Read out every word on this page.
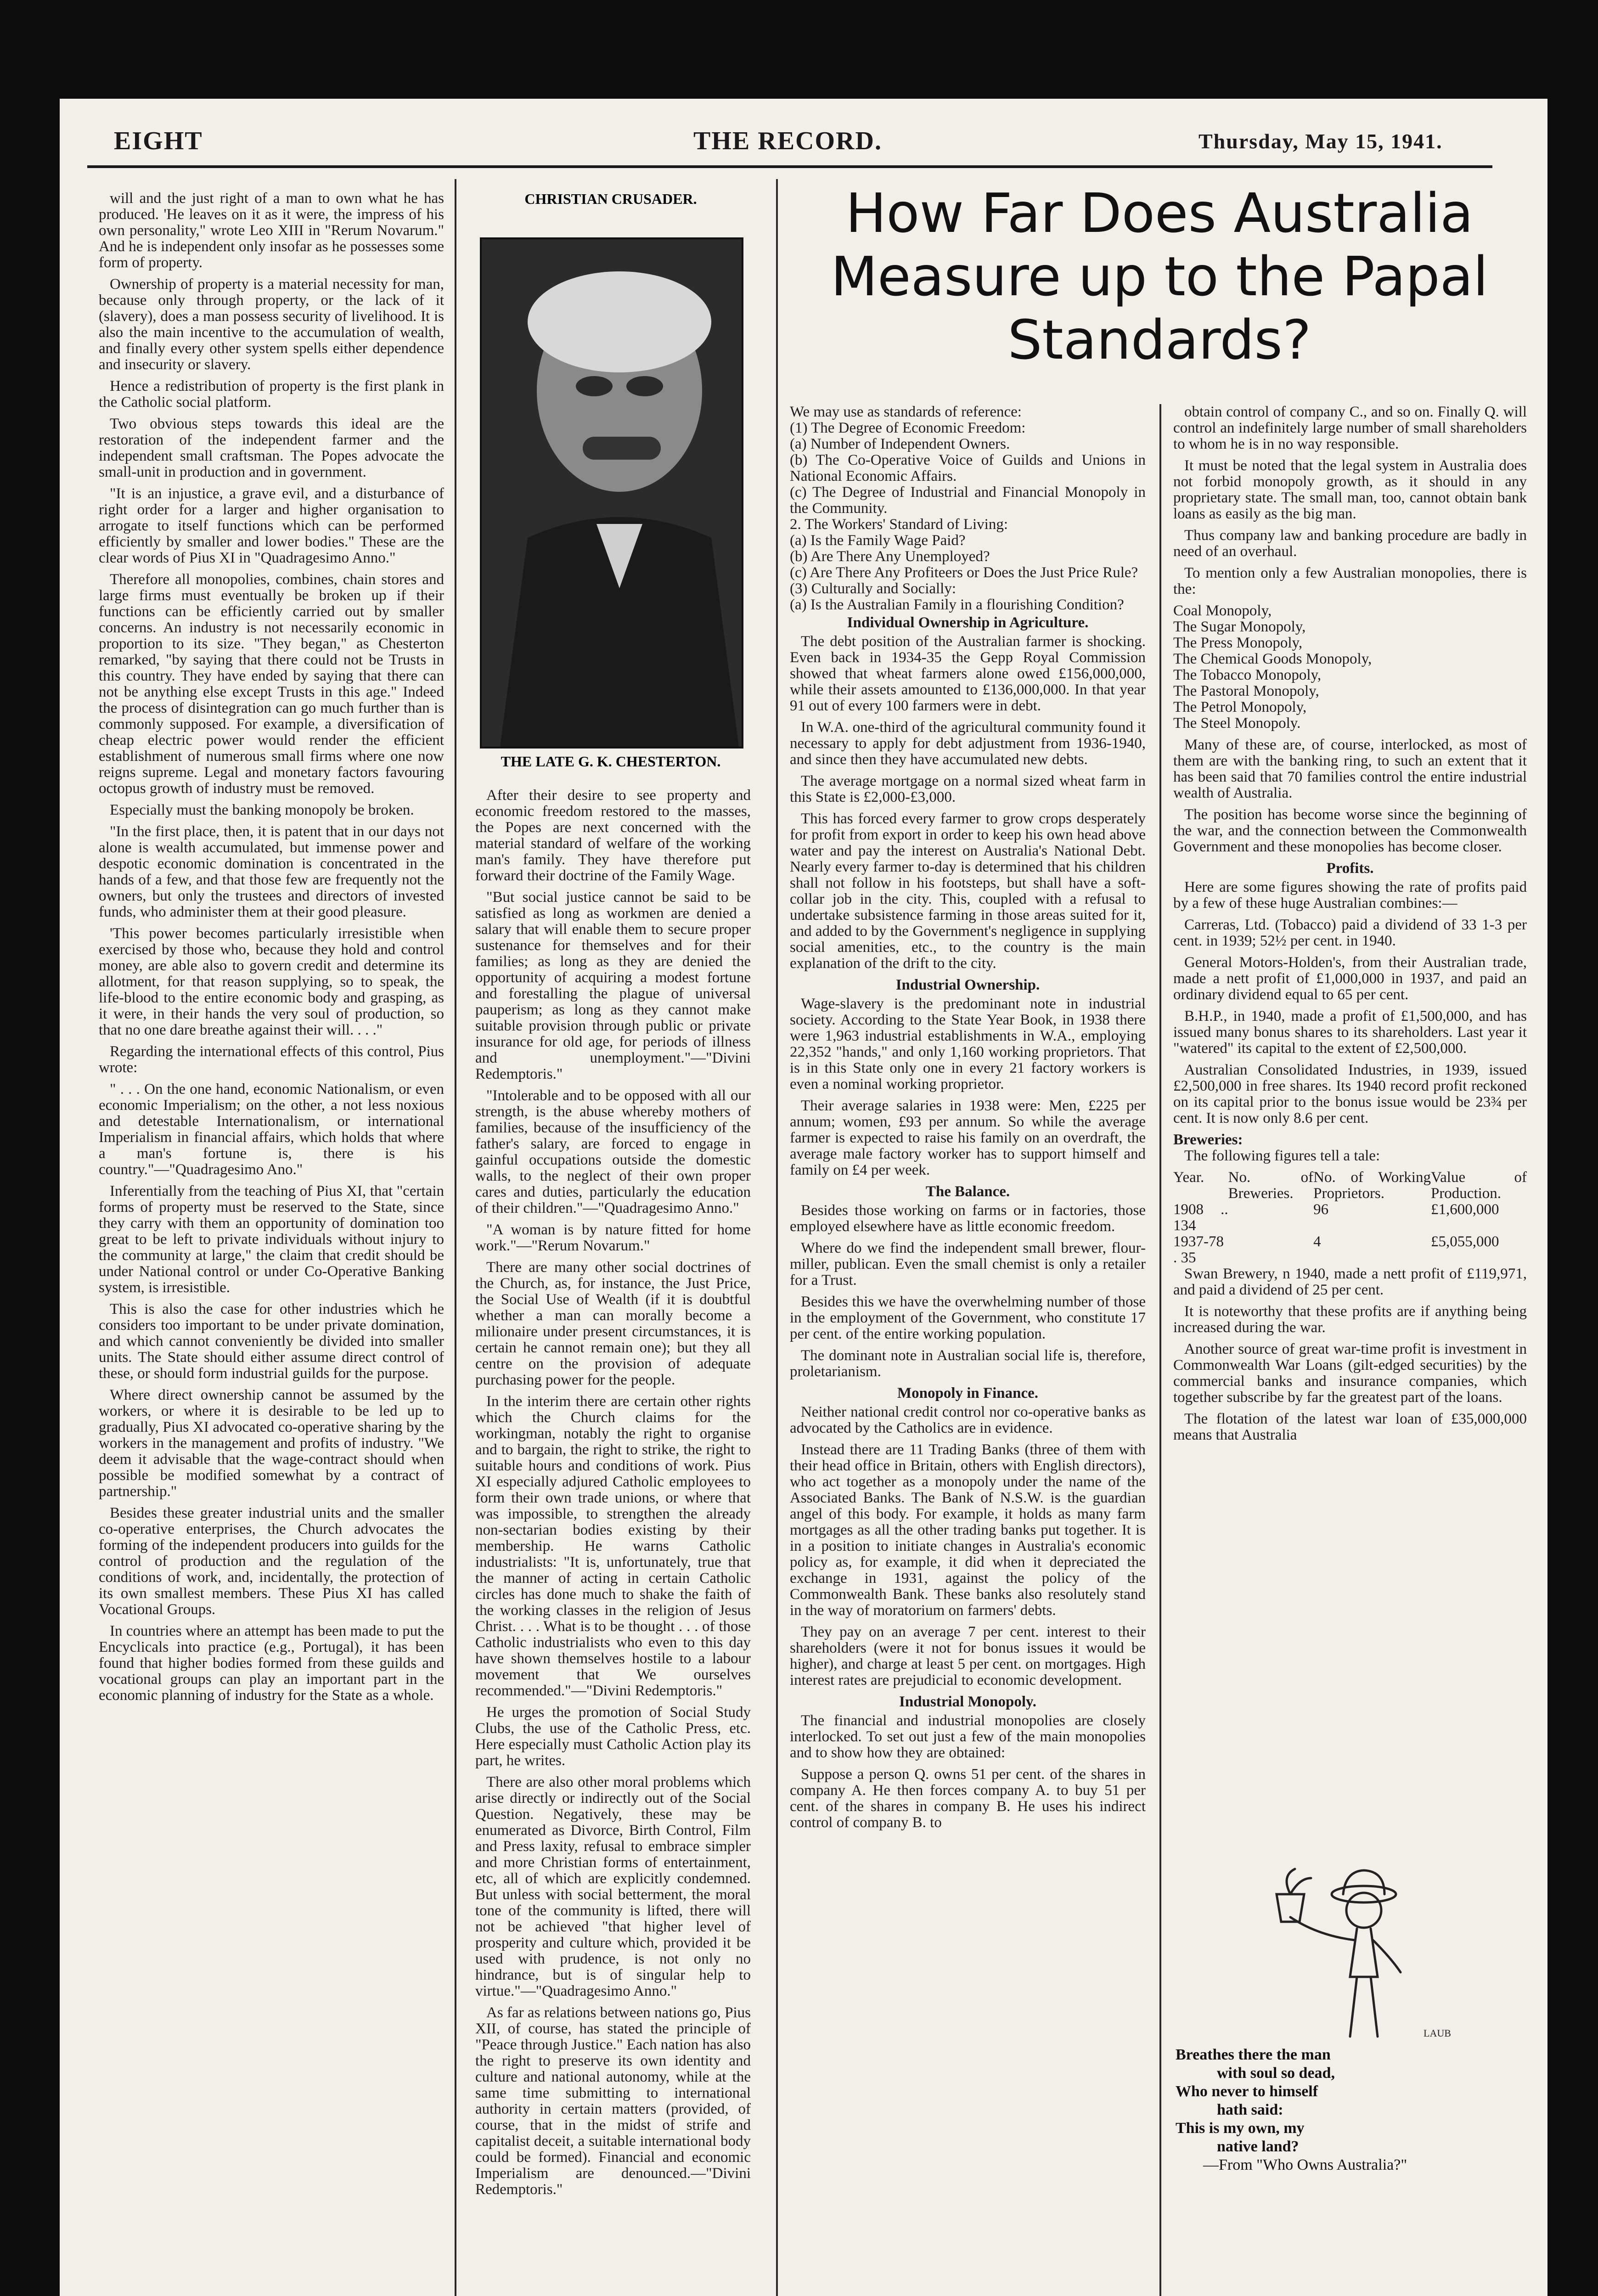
EIGHT	THE RECORD.	Thursday, May 15, 1941.

will and the just right of a man to own what he has produced. 'He leaves on it as it were, the impress of his own personality," wrote Leo XIII in "Rerum Novarum." And he is independent only insofar as he possesses some form of property.

Ownership of property is a material necessity for man, because only through property, or the lack of it (slavery), does a man possess security of livelihood. It is also the main incentive to the accumulation of wealth, and finally every other system spells either dependence and insecurity or slavery.

Hence a redistribution of property is the first plank in the Catholic social platform.

Two obvious steps towards this ideal are the restoration of the independent farmer and the independent small craftsman. The Popes advocate the small-unit in production and in government.

"It is an injustice, a grave evil, and a disturbance of right order for a larger and higher organisation to arrogate to itself functions which can be performed efficiently by smaller and lower bodies." These are the clear words of Pius XI in "Quadragesimo Anno."

Therefore all monopolies, combines, chain stores and large firms must eventually be broken up if their functions can be efficiently carried out by smaller concerns. An industry is not necessarily economic in proportion to its size. "They began," as Chesterton remarked, "by saying that there could not be Trusts in this country. They have ended by saying that there can not be anything else except Trusts in this age." Indeed the process of disintegration can go much further than is commonly supposed. For example, a diversification of cheap electric power would render the efficient establishment of numerous small firms where one now reigns supreme. Legal and monetary factors favouring octopus growth of industry must be removed.

Especially must the banking monopoly be broken.

"In the first place, then, it is patent that in our days not alone is wealth accumulated, but immense power and despotic economic domination is concentrated in the hands of a few, and that those few are frequently not the owners, but only the trustees and directors of invested funds, who administer them at their good pleasure.

'This power becomes particularly irresistible when exercised by those who, because they hold and control money, are able also to govern credit and determine its allotment, for that reason supplying, so to speak, the life-blood to the entire economic body and grasping, as it were, in their hands the very soul of production, so that no one dare breathe against their will. . . ."

Regarding the international effects of this control, Pius wrote:

" . . . On the one hand, economic Nationalism, or even economic Imperialism; on the other, a not less noxious and detestable Internationalism, or international Imperialism in financial affairs, which holds that where a man's fortune is, there is his country."—"Quadragesimo Ano."

Inferentially from the teaching of Pius XI, that "certain forms of property must be reserved to the State, since they carry with them an opportunity of domination too great to be left to private individuals without injury to the community at large," the claim that credit should be under National control or under Co-Operative Banking system, is irresistible.

This is also the case for other industries which he considers too important to be under private domination, and which cannot conveniently be divided into smaller units. The State should either assume direct control of these, or should form industrial guilds for the purpose.

Where direct ownership cannot be assumed by the workers, or where it is desirable to be led up to gradually, Pius XI advocated co-operative sharing by the workers in the management and profits of industry. "We deem it advisable that the wage-contract should when possible be modified somewhat by a contract of partnership."

Besides these greater industrial units and the smaller co-operative enterprises, the Church advocates the forming of the independent producers into guilds for the control of production and the regulation of the conditions of work, and, incidentally, the protection of its own smallest members. These Pius XI has called Vocational Groups.

In countries where an attempt has been made to put the Encyclicals into practice (e.g., Portugal), it has been found that higher bodies formed from these guilds and vocational groups can play an important part in the economic planning of industry for the State as a whole.

CHRISTIAN CRUSADER.
THE LATE G. K. CHESTERTON.

After their desire to see property and economic freedom restored to the masses, the Popes are next concerned with the material standard of welfare of the working man's family. They have therefore put forward their doctrine of the Family Wage.

"But social justice cannot be said to be satisfied as long as workmen are denied a salary that will enable them to secure proper sustenance for themselves and for their families; as long as they are denied the opportunity of acquiring a modest fortune and forestalling the plague of universal pauperism; as long as they cannot make suitable provision through public or private insurance for old age, for periods of illness and unemployment."—"Divini Redemptoris."

"Intolerable and to be opposed with all our strength, is the abuse whereby mothers of families, because of the insufficiency of the father's salary, are forced to engage in gainful occupations outside the domestic walls, to the neglect of their own proper cares and duties, particularly the education of their children."—"Quadragesimo Anno."

"A woman is by nature fitted for home work."—"Rerum Novarum."

There are many other social doctrines of the Church, as, for instance, the Just Price, the Social Use of Wealth (if it is doubtful whether a man can morally become a milionaire under present circumstances, it is certain he cannot remain one); but they all centre on the provision of adequate purchasing power for the people.

In the interim there are certain other rights which the Church claims for the workingman, notably the right to organise and to bargain, the right to strike, the right to suitable hours and conditions of work. Pius XI especially adjured Catholic employees to form their own trade unions, or where that was impossible, to strengthen the already non-sectarian bodies existing by their membership. He warns Catholic industrialists: "It is, unfortunately, true that the manner of acting in certain Catholic circles has done much to shake the faith of the working classes in the religion of Jesus Christ. . . . What is to be thought . . . of those Catholic industrialists who even to this day have shown themselves hostile to a labour movement that We ourselves recommended."—"Divini Redemptoris."

He urges the promotion of Social Study Clubs, the use of the Catholic Press, etc. Here especially must Catholic Action play its part, he writes.

There are also other moral problems which arise directly or indirectly out of the Social Question. Negatively, these may be enumerated as Divorce, Birth Control, Film and Press laxity, refusal to embrace simpler and more Christian forms of entertainment, etc, all of which are explicitly condemned. But unless with social betterment, the moral tone of the community is lifted, there will not be achieved "that higher level of prosperity and culture which, provided it be used with prudence, is not only no hindrance, but is of singular help to virtue."—"Quadragesimo Anno."

As far as relations between nations go, Pius XII, of course, has stated the principle of "Peace through Justice." Each nation has also the right to preserve its own identity and culture and national autonomy, while at the same time submitting to international authority in certain matters (provided, of course, that in the midst of strife and capitalist deceit, a suitable international body could be formed). Financial and economic Imperialism are denounced.—"Divini Redemptoris."

How Far Does Australia Measure up to the Papal Standards?

We may use as standards of reference:

(1) The Degree of Economic Freedom:

(a) Number of Independent Owners.

(b) The Co-Operative Voice of Guilds and Unions in National Economic Affairs.

(c) The Degree of Industrial and Financial Monopoly in the Community.

2. The Workers' Standard of Living:

(a) Is the Family Wage Paid?

(b) Are There Any Unemployed?

(c) Are There Any Profiteers or Does the Just Price Rule?

(3) Culturally and Socially:

(a) Is the Australian Family in a flourishing Condition?

Individual Ownership in Agriculture.

The debt position of the Australian farmer is shocking. Even back in 1934-35 the Gepp Royal Commission showed that wheat farmers alone owed £156,000,000, while their assets amounted to £136,000,000. In that year 91 out of every 100 farmers were in debt.

In W.A. one-third of the agricultural community found it necessary to apply for debt adjustment from 1936-1940, and since then they have accumulated new debts.

The average mortgage on a normal sized wheat farm in this State is £2,000-£3,000.

This has forced every farmer to grow crops desperately for profit from export in order to keep his own head above water and pay the interest on Australia's National Debt. Nearly every farmer to-day is determined that his children shall not follow in his footsteps, but shall have a soft-collar job in the city. This, coupled with a refusal to undertake subsistence farming in those areas suited for it, and added to by the Government's negligence in supplying social amenities, etc., to the country is the main explanation of the drift to the city.

Industrial Ownership.

Wage-slavery is the predominant note in industrial society. According to the State Year Book, in 1938 there were 1,963 industrial establishments in W.A., employing 22,352 "hands," and only 1,160 working proprietors. That is in this State only one in every 21 factory workers is even a nominal working proprietor.

Their average salaries in 1938 were: Men, £225 per annum; women, £93 per annum. So while the average farmer is expected to raise his family on an overdraft, the average male factory worker has to support himself and family on £4 per week.

The Balance.

Besides those working on farms or in factories, those employed elsewhere have as little economic freedom.

Where do we find the independent small brewer, flour-miller, publican. Even the small chemist is only a retailer for a Trust.

Besides this we have the overwhelming number of those in the employment of the Government, who constitute 17 per cent. of the entire working population.

The dominant note in Australian social life is, therefore, proletarianism.

Monopoly in Finance.

Neither national credit control nor co-operative banks as advocated by the Catholics are in evidence.

Instead there are 11 Trading Banks (three of them with their head office in Britain, others with English directors), who act together as a monopoly under the name of the Associated Banks. The Bank of N.S.W. is the guardian angel of this body. For example, it holds as many farm mortgages as all the other trading banks put together. It is in a position to initiate changes in Australia's economic policy as, for example, it did when it depreciated the exchange in 1931, against the policy of the Commonwealth Bank. These banks also resolutely stand in the way of moratorium on farmers' debts.

They pay on an average 7 per cent. interest to their shareholders (were it not for bonus issues it would be higher), and charge at least 5 per cent. on mortgages. High interest rates are prejudicial to economic development.

Industrial Monopoly.

The financial and industrial monopolies are closely interlocked. To set out just a few of the main monopolies and to show how they are obtained:

Suppose a person Q. owns 51 per cent. of the shares in company A. He then forces company A. to buy 51 per cent. of the shares in company B. He uses his indirect control of company B. to

obtain control of company C., and so on. Finally Q. will control an indefinitely large number of small shareholders to whom he is in no way responsible.

It must be noted that the legal system in Australia does not forbid monopoly growth, as it should in any proprietary state. The small man, too, cannot obtain bank loans as easily as the big man.

Thus company law and banking procedure are badly in need of an overhaul.

To mention only a few Australian monopolies, there is the:

Coal Monopoly,

The Sugar Monopoly,

The Press Monopoly,

The Chemical Goods Monopoly,

The Tobacco Monopoly,

The Pastoral Monopoly,

The Petrol Monopoly,

The Steel Monopoly.

Many of these are, of course, interlocked, as most of them are with the banking ring, to such an extent that it has been said that 70 families control the entire industrial wealth of Australia.

The position has become worse since the beginning of the war, and the connection between the Commonwealth Government and these monopolies has become closer.

Profits.

Here are some figures showing the rate of profits paid by a few of these huge Australian combines:—

Carreras, Ltd. (Tobacco) paid a dividend of 33 1-3 per cent. in 1939; 52½ per cent. in 1940.

General Motors-Holden's, from their Australian trade, made a nett profit of £1,000,000 in 1937, and paid an ordinary dividend equal to 65 per cent.

B.H.P., in 1940, made a profit of £1,500,000, and has issued many bonus shares to its shareholders. Last year it "watered" its capital to the extent of £2,500,000.

Australian Consolidated Industries, in 1939, issued £2,500,000 in free shares. Its 1940 record profit reckoned on its capital prior to the bonus issue would be 23¾ per cent. It is now only 8.6 per cent.

Breweries:

The following figures tell a tale:

Year.	No. of Breweries.	No. of Working Proprietors.	Value of Production.
1908 .. 134		96	£1,600,000
1937-78 . 35		4	£5,055,000

Swan Brewery, n 1940, made a nett profit of £119,971, and paid a dividend of 25 per cent.

It is noteworthy that these profits are if anything being increased during the war.

Another source of great war-time profit is investment in Commonwealth War Loans (gilt-edged securities) by the commercial banks and insurance companies, which together subscribe by far the greatest part of the loans.

The flotation of the latest war loan of £35,000,000 means that Australia

LAUB
Breathes there the man
with soul so dead,
Who never to himself
hath said:
This is my own, my
native land?
—From "Who Owns Australia?"
